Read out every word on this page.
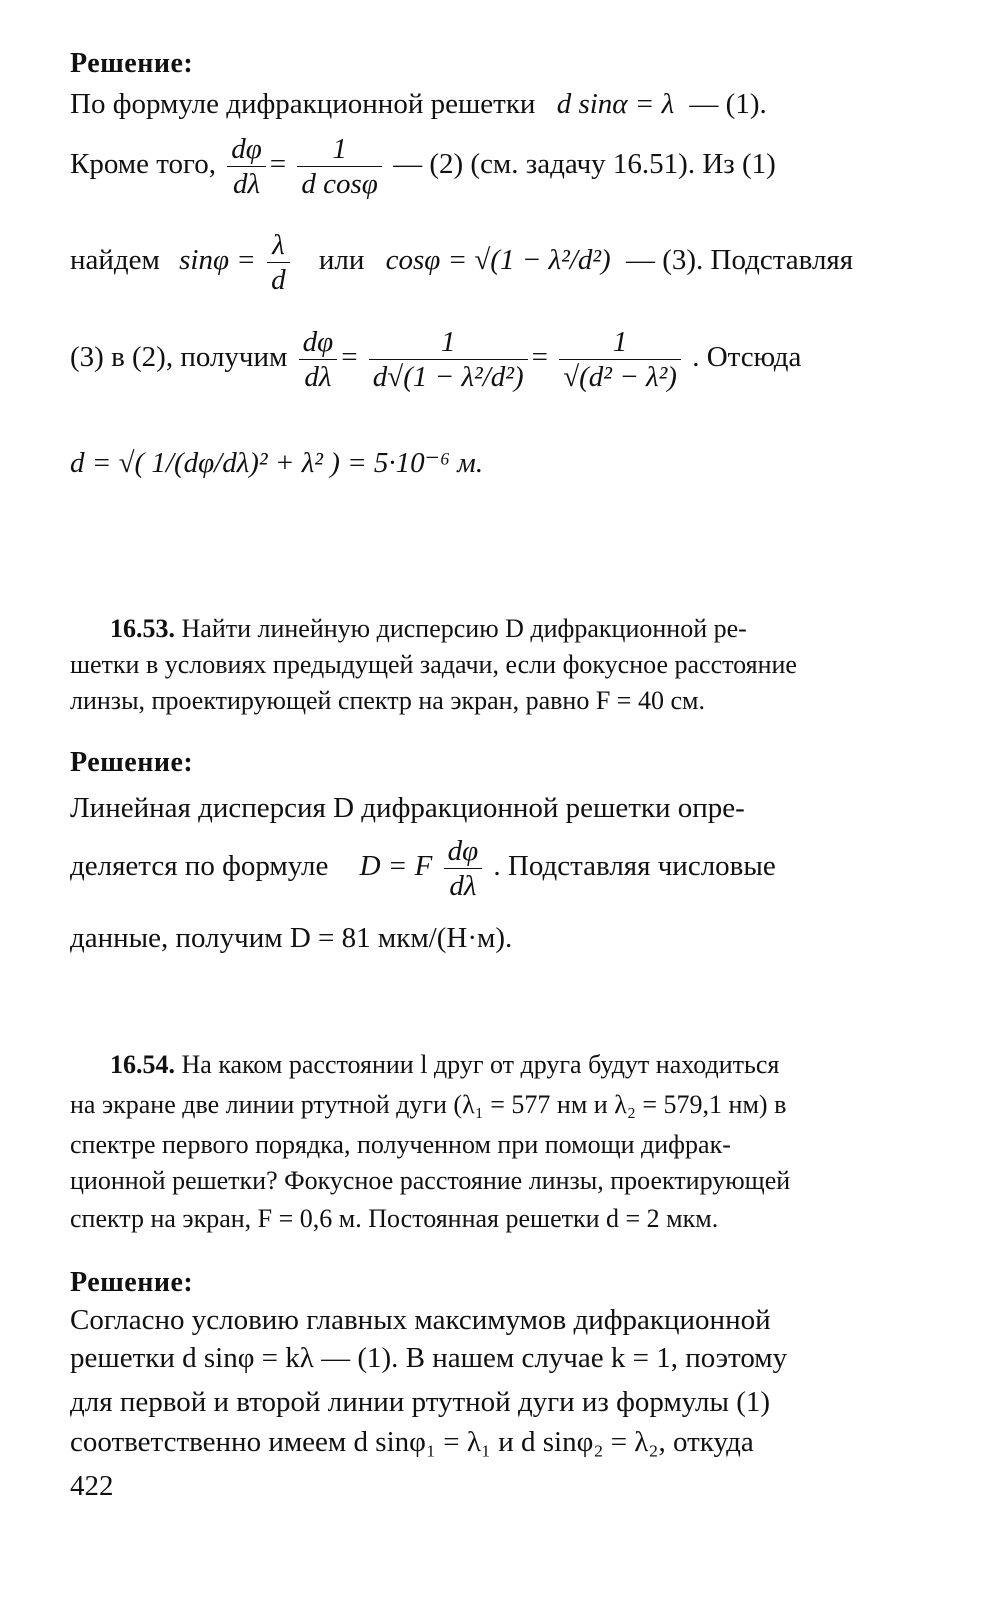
Решение:
По формуле дифракционной решетки d sinα = λ — (1).
Кроме того, $\frac{d\varphi}{d\lambda} = \frac{1}{\text{d cosφ}}$ — (2) (см. задачу 16.51). Из (1)
найдем $\sin\varphi = \frac{\lambda}{d}$ или cosφ = √(1 − λ²/d²) — (3). Подставляя
(3) в (2), получим $\frac{d\varphi}{d\lambda} = \frac{1}{\text{d√(1 − λ²/d²)}} = \frac{1}{\text{√(d² − λ²)}}$ . Отсюда
d = √( 1/(dφ/dλ)² + λ² ) = 5·10⁻⁶ м.
16.53. Найти линейную дисперсию D дифракционной ре-
шетки в условиях предыдущей задачи, если фокусное расстояние
линзы, проектирующей спектр на экран, равно F = 40 см.
Решение:
Линейная дисперсия D дифракционной решетки опре-
деляется по формуле D = F $\frac{d\varphi}{d\lambda}$ . Подставляя числовые
данные, получим D = 81 мкм/(Н·м).
16.54. На каком расстоянии l друг от друга будут находиться
на экране две линии ртутной дуги (λ₁ = 577 нм и λ₂ = 579,1 нм) в
спектре первого порядка, полученном при помощи дифрак-
ционной решетки? Фокусное расстояние линзы, проектирующей
спектр на экран, F = 0,6 м. Постоянная решетки d = 2 мкм.
Решение:
Согласно условию главных максимумов дифракционной
решетки d sinφ = kλ — (1). В нашем случае k = 1, поэтому
для первой и второй линии ртутной дуги из формулы (1)
соответственно имеем d sinφ₁ = λ₁ и d sinφ₂ = λ₂, откуда
422
